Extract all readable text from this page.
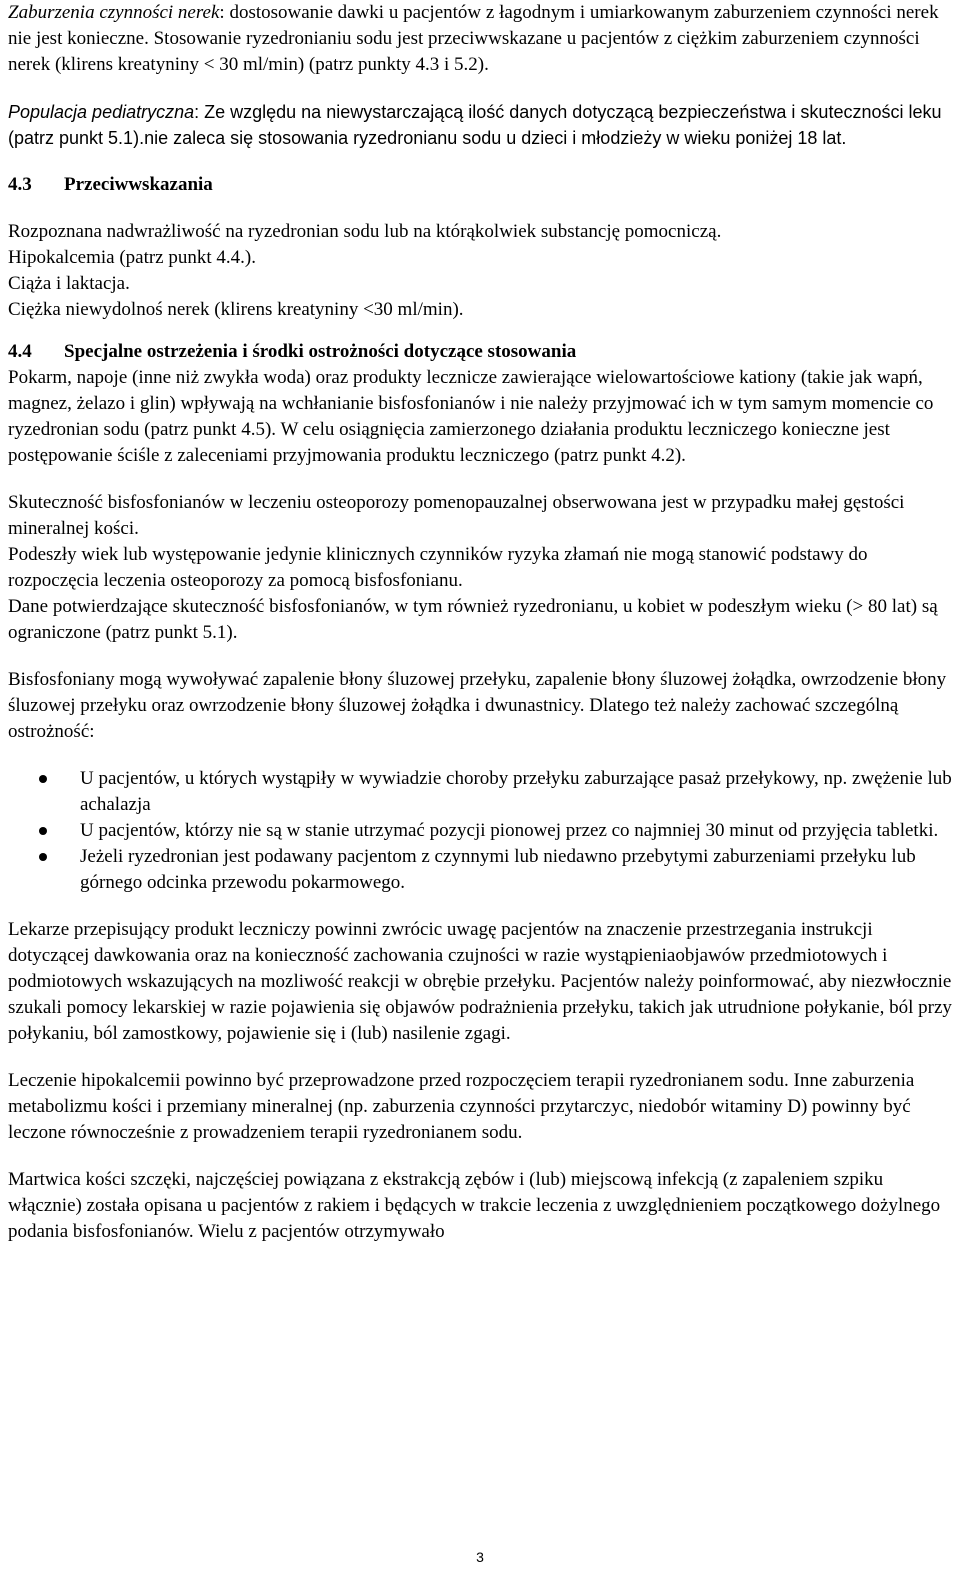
Zaburzenia czynności nerek: dostosowanie dawki u pacjentów z łagodnym i umiarkowanym zaburzeniem czynności nerek nie jest konieczne. Stosowanie ryzedronianiu sodu jest przeciwwskazane u pacjentów z ciężkim zaburzeniem czynności nerek (klirens kreatyniny < 30 ml/min) (patrz punkty 4.3 i 5.2).

Populacja pediatryczna: Ze względu na niewystarczającą ilość danych dotyczącą bezpieczeństwa i skuteczności leku (patrz punkt 5.1).nie zaleca się stosowania ryzedronianu sodu u dzieci i młodzieży w wieku poniżej 18 lat.

4.3	Przeciwwskazania

Rozpoznana nadwrażliwość na ryzedronian sodu lub na którąkolwiek substancję pomocniczą.

Hipokalcemia (patrz punkt 4.4.).

Ciąża i laktacja.

Ciężka niewydolnoś nerek (klirens kreatyniny <30 ml/min).

4.4	Specjalne ostrzeżenia i środki ostrożności dotyczące stosowania

Pokarm, napoje (inne niż zwykła woda) oraz produkty lecznicze zawierające wielowartościowe kationy (takie jak wapń, magnez, żelazo i glin) wpływają na wchłanianie bisfosfonianów i nie należy przyjmować ich w tym samym momencie co ryzedronian sodu (patrz punkt 4.5). W celu osiągnięcia zamierzonego działania produktu leczniczego konieczne jest postępowanie ściśle z zaleceniami przyjmowania produktu leczniczego (patrz punkt 4.2).

Skuteczność bisfosfonianów w leczeniu osteoporozy pomenopauzalnej obserwowana jest w przypadku małej gęstości mineralnej kości.

Podeszły wiek lub występowanie jedynie klinicznych czynników ryzyka złamań nie mogą stanowić podstawy do rozpoczęcia leczenia osteoporozy za pomocą bisfosfonianu.

Dane potwierdzające skuteczność bisfosfonianów, w tym również ryzedronianu, u kobiet w podeszłym wieku (> 80 lat) są ograniczone (patrz punkt 5.1).

Bisfosfoniany mogą wywoływać zapalenie błony śluzowej przełyku, zapalenie błony śluzowej żołądka, owrzodzenie błony śluzowej przełyku oraz owrzodzenie błony śluzowej żołądka i dwunastnicy. Dlatego też należy zachować szczególną ostrożność:

U pacjentów, u których wystąpiły w wywiadzie choroby przełyku zaburzające pasaż przełykowy, np. zwężenie lub achalazja
U pacjentów, którzy nie są w stanie utrzymać pozycji pionowej przez co najmniej 30 minut od przyjęcia tabletki.
Jeżeli ryzedronian jest podawany pacjentom z czynnymi lub niedawno przebytymi zaburzeniami przełyku lub górnego odcinka przewodu pokarmowego.

Lekarze przepisujący produkt leczniczy powinni zwrócic uwagę pacjentów na znaczenie przestrzegania instrukcji dotyczącej dawkowania oraz na konieczność zachowania czujności w razie wystąpieniaobjawów przedmiotowych i podmiotowych wskazujących na mozliwość reakcji w obrębie przełyku. Pacjentów należy poinformować, aby niezwłocznie szukali pomocy lekarskiej w razie pojawienia się objawów podrażnienia przełyku, takich jak utrudnione połykanie, ból przy połykaniu, ból zamostkowy, pojawienie się i (lub) nasilenie zgagi.

Leczenie hipokalcemii powinno być przeprowadzone przed rozpoczęciem terapii ryzedronianem sodu. Inne zaburzenia metabolizmu kości i przemiany mineralnej (np. zaburzenia czynności przytarczyc, niedobór witaminy D) powinny być leczone równocześnie z prowadzeniem terapii ryzedronianem sodu.

Martwica kości szczęki, najczęściej powiązana z ekstrakcją zębów i (lub) miejscową infekcją (z zapaleniem szpiku włącznie) została opisana u pacjentów z rakiem i będących w trakcie leczenia z uwzględnieniem początkowego dożylnego podania bisfosfonianów. Wielu z pacjentów otrzymywało

3
